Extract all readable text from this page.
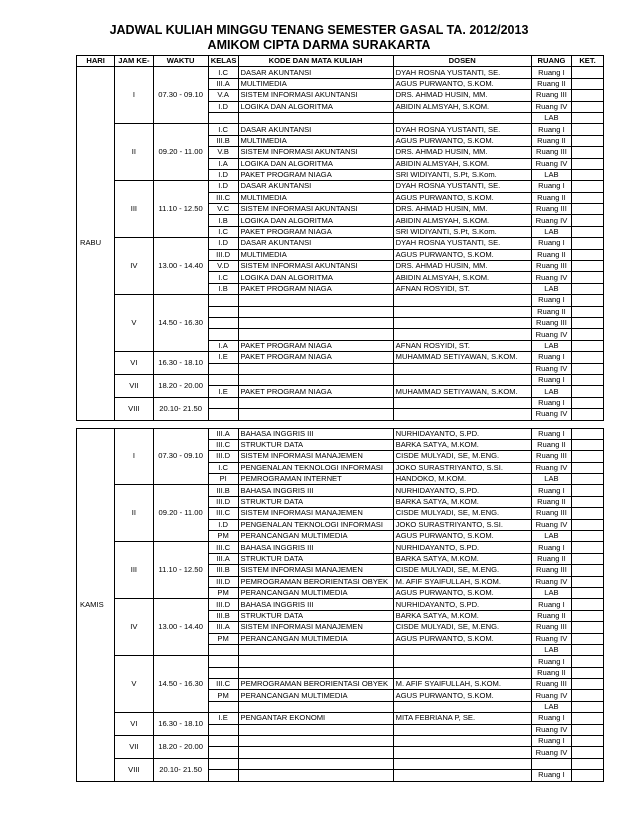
JADWAL KULIAH MINGGU TENANG SEMESTER GASAL TA. 2012/2013
AMIKOM CIPTA DARMA SURAKARTA
HARI	JAM KE-	WAKTU	KELAS	KODE DAN MATA KULIAH	DOSEN	RUANG	KET.
RABU	I	07.30 - 09.10	I.C	DASAR AKUNTANSI	DYAH ROSNA YUSTANTI, SE.	Ruang I	
			III.A	MULTIMEDIA	AGUS PURWANTO, S.KOM.	Ruang II	
			V.A	SISTEM INFORMASI AKUNTANSI	DRS. AHMAD HUSIN, MM.	Ruang III	
			I.D	LOGIKA DAN ALGORITMA	ABIDIN ALMSYAH, S.KOM.	Ruang IV	
						LAB	
	II	09.20 - 11.00	I.C	DASAR AKUNTANSI	DYAH ROSNA YUSTANTI, SE.	Ruang I	
			III.B	MULTIMEDIA	AGUS PURWANTO, S.KOM.	Ruang II	
			V.B	SISTEM INFORMASI AKUNTANSI	DRS. AHMAD HUSIN, MM.	Ruang III	
			I.A	LOGIKA DAN ALGORITMA	ABIDIN ALMSYAH, S.KOM.	Ruang IV	
			I.D	PAKET PROGRAM NIAGA	SRI WIDIYANTI, S.Pt, S.Kom.	LAB	
	III	11.10 - 12.50	I.D	DASAR AKUNTANSI	DYAH ROSNA YUSTANTI, SE.	Ruang I	
			III.C	MULTIMEDIA	AGUS PURWANTO, S.KOM.	Ruang II	
			V.C	SISTEM INFORMASI AKUNTANSI	DRS. AHMAD HUSIN, MM.	Ruang III	
			I.B	LOGIKA DAN ALGORITMA	ABIDIN ALMSYAH, S.KOM.	Ruang IV	
			I.C	PAKET PROGRAM NIAGA	SRI WIDIYANTI, S.Pt, S.Kom.	LAB	
	IV	13.00 - 14.40	I.D	DASAR AKUNTANSI	DYAH ROSNA YUSTANTI, SE.	Ruang I	
			III.D	MULTIMEDIA	AGUS PURWANTO, S.KOM.	Ruang II	
			V.D	SISTEM INFORMASI AKUNTANSI	DRS. AHMAD HUSIN, MM.	Ruang III	
			I.C	LOGIKA DAN ALGORITMA	ABIDIN ALMSYAH, S.KOM.	Ruang IV	
			I.B	PAKET PROGRAM NIAGA	AFNAN ROSYIDI, ST.	LAB	
	V	14.50 - 16.30				Ruang I	
						Ruang II	
						Ruang III	
						Ruang IV	
			I.A	PAKET PROGRAM NIAGA	AFNAN ROSYIDI, ST.	LAB	
	VI	16.30 - 18.10	I.E	PAKET PROGRAM NIAGA	MUHAMMAD SETIYAWAN, S.KOM.	Ruang I	
						Ruang IV	
	VII	18.20 - 20.00				Ruang I	
			I.E	PAKET PROGRAM NIAGA	MUHAMMAD SETIYAWAN, S.KOM.	LAB	
	VIII	20.10- 21.50				Ruang I	
						Ruang IV	

KAMIS	I	07.30 - 09.10	III.A	BAHASA INGGRIS III	NURHIDAYANTO, S.PD.	Ruang I	
			III.C	STRUKTUR DATA	BARKA SATYA, M.KOM.	Ruang II	
			III.D	SISTEM INFORMASI MANAJEMEN	CISDE MULYADI, SE, M.ENG.	Ruang III	
			I.C	PENGENALAN TEKNOLOGI INFORMASI	JOKO SURASTRIYANTO, S.SI.	Ruang IV	
			PI	PEMROGRAMAN INTERNET	HANDOKO, M.KOM.	LAB	
	II	09.20 - 11.00	III.B	BAHASA INGGRIS III	NURHIDAYANTO, S.PD.	Ruang I	
			III.D	STRUKTUR DATA	BARKA SATYA, M.KOM.	Ruang II	
			III.C	SISTEM INFORMASI MANAJEMEN	CISDE MULYADI, SE, M.ENG.	Ruang III	
			I.D	PENGENALAN TEKNOLOGI INFORMASI	JOKO SURASTRIYANTO, S.SI.	Ruang IV	
			PM	PERANCANGAN MULTIMEDIA	AGUS PURWANTO, S.KOM.	LAB	
	III	11.10 - 12.50	III.C	BAHASA INGGRIS III	NURHIDAYANTO, S.PD.	Ruang I	
			III.A	STRUKTUR DATA	BARKA SATYA, M.KOM.	Ruang II	
			III.B	SISTEM INFORMASI MANAJEMEN	CISDE MULYADI, SE, M.ENG.	Ruang III	
			III.D	PEMROGRAMAN BERORIENTASI OBYEK	M. AFIF SYAIFULLAH, S.KOM.	Ruang IV	
			PM	PERANCANGAN MULTIMEDIA	AGUS PURWANTO, S.KOM.	LAB	
	IV	13.00 - 14.40	III.D	BAHASA INGGRIS III	NURHIDAYANTO, S.PD.	Ruang I	
			III.B	STRUKTUR DATA	BARKA SATYA, M.KOM.	Ruang II	
			III.A	SISTEM INFORMASI MANAJEMEN	CISDE MULYADI, SE, M.ENG.	Ruang III	
			PM	PERANCANGAN MULTIMEDIA	AGUS PURWANTO, S.KOM.	Ruang IV	
						LAB	
	V	14.50 - 16.30				Ruang I	
						Ruang II	
			III.C	PEMROGRAMAN BERORIENTASI OBYEK	M. AFIF SYAIFULLAH, S.KOM.	Ruang III	
			PM	PERANCANGAN MULTIMEDIA	AGUS PURWANTO, S.KOM.	Ruang IV	
						LAB	
	VI	16.30 - 18.10	I.E	PENGANTAR EKONOMI	MITA FEBRIANA P, SE.	Ruang I	
						Ruang IV	
	VII	18.20 - 20.00				Ruang I	
						Ruang IV	
	VIII	20.10- 21.50					
						Ruang I	
